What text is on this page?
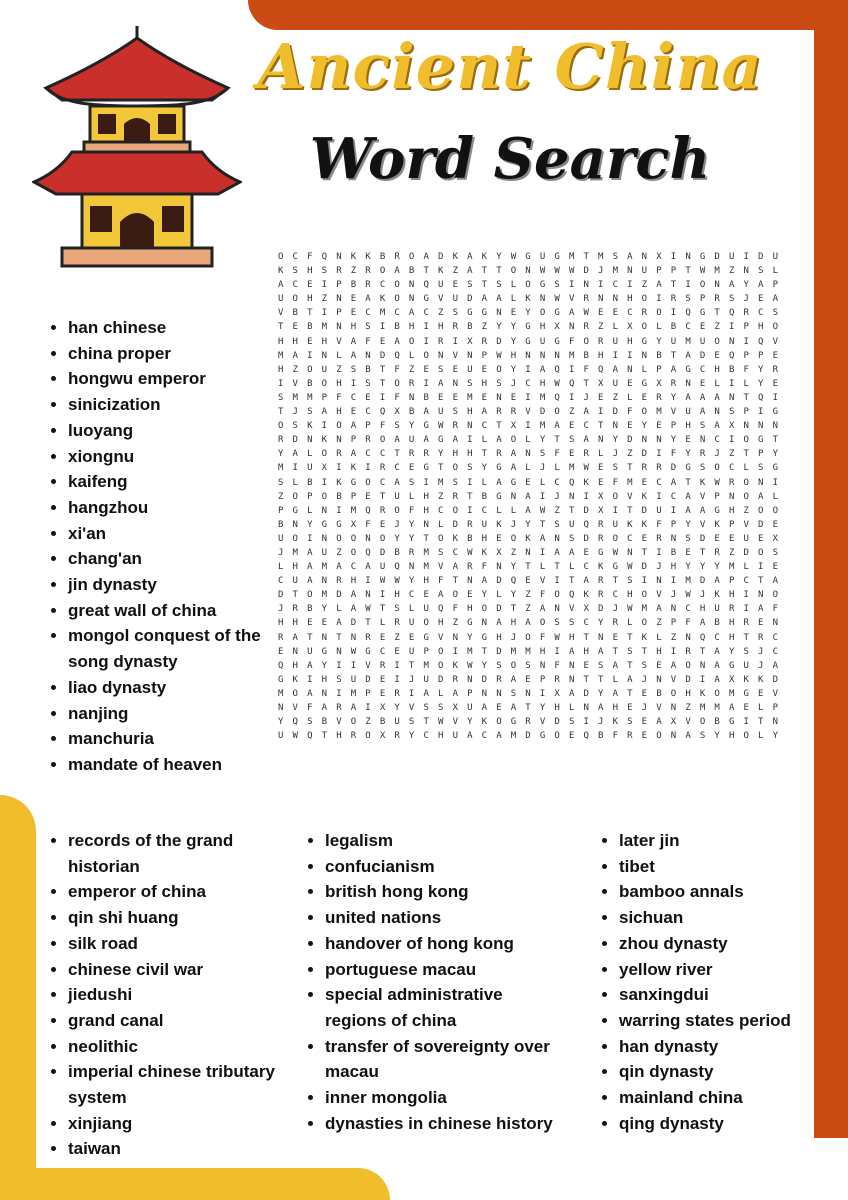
Ancient China
Word Search
O C F Q N K K B R O A D K A K Y W G U G M T M S A N X I N G D U I D U
K S H S R Z R O A B T K Z A T T O N W W W D J M N U P P T W M Z N S L
A C E I P B R C O N Q U E S T S L O G S I N I C I Z A T I O N A Y A P
U O H Z N E A K O N G V U D A A L K N W V R N N H O I R S P R S J E A
V B T I P E C M C A C Z S G G N E Y O G A W E E C R O I Q G T Q R C S
T E B M N H S I B H I H R B Z Y Y G H X N R Z L X O L B C E Z I P H O
H H E H V A F E A O I R I X R D Y G U G F O R U H G Y U M U O N I Q V
M A I N L A N D Q L O N V N P W H N N N M B H I I N B T A D E Q P P E
H Z O U Z S B T F Z E S E U E O Y I A Q I F Q A N L P A G C H B F Y R
I V B O H I S T O R I A N S H S J C H W Q T X U E G X R N E L I L Y E
S M M P F C E I F N B E E M E N E I M Q I J E Z L E R Y A A A N T Q I
T J S A H E C Q X B A U S H A R R V D O Z A I D F O M V U A N S P I G
O S K I O A P F S Y G W R N C T X I M A E C T N E Y E P H S A X N N N
R D N K N P R O A U A G A I L A O L Y T S A N Y D N N Y E N C I O G T
Y A L O R A C C T R R Y H H T R A N S F E R L J Z D I F Y R J Z T P Y
M I U X I K I R C E G T O S Y G A L J L M W E S T R R D G S O C L S G
S L B I K G O C A S I M S I L A G E L C Q K E F M E C A T K W R O N I
Z O P O B P E T U L H Z R T B G N A I J N I X O V K I C A V P N O A L
P G L N I M Q R O F H C O I C L L A W Z T D X I T D U I A A G H Z O O
B N Y G G X F E J Y N L D R U K J Y T S U Q R U K K F P Y V K P V D E
U O I N O O N O Y Y T O K B H E O K A N S D R O C E R N S D E E U E X
J M A U Z O Q D B R M S C W K X Z N I A A E G W N T I B E T R Z D O S
L H A M A C A U Q N M V A R F N Y T L T L C K G W D J H Y Y Y M L I E
C U A N R H I W W Y H F T N A D Q E V I T A R T S I N I M D A P C T A
D T O M D A N I H C E A O E Y L Y Z F O Q K R C H O V J W J K H I N O
J R B Y L A W T S L U Q F H O D T Z A N V X D J W M A N C H U R I A F
H H E E A D T L R U O H Z G N A H A O S S C Y R L O Z P F A B H R E N
R A T N T N R E Z E G V N Y G H J O F W H T N E T K L Z N Q C H T R C
E N U G N W G C E U P O I M T D M M H I A H A T S T H I R T A Y S J C
Q H A Y I I V R I T M O K W Y S O S N F N E S A T S E A O N A G U J A
G K I H S U D E I J U D R N D R A E P R N T T L A J N V D I A X K K D
M O A N I M P E R I A L A P N N S N I X A D Y A T E B O H K O M G E V
N V F A R A I X Y V S S X U A E A T Y H L N A H E J V N Z M M A E L P
Y Q S B V O Z B U S T W V Y K O G R V D S I J K S E A X V O B G I T N
U W Q T H R O X R Y C H U A C A M D G O E Q B F R E O N A S Y H O L Y
• han chinese
• china proper
• hongwu emperor
• sinicization
• luoyang
• xiongnu
• kaifeng
• hangzhou
• xi'an
• chang'an
• jin dynasty
• great wall of china
• mongol conquest of the song dynasty
• liao dynasty
• nanjing
• manchuria
• mandate of heaven
• records of the grand historian
• emperor of china
• qin shi huang
• silk road
• chinese civil war
• jiedushi
• grand canal
• neolithic
• imperial chinese tributary system
• xinjiang
• taiwan
• legalism
• confucianism
• british hong kong
• united nations
• handover of hong kong
• portuguese macau
• special administrative regions of china
• transfer of sovereignty over macau
• inner mongolia
• dynasties in chinese history
• later jin
• tibet
• bamboo annals
• sichuan
• zhou dynasty
• yellow river
• sanxingdui
• warring states period
• han dynasty
• qin dynasty
• mainland china
• qing dynasty
